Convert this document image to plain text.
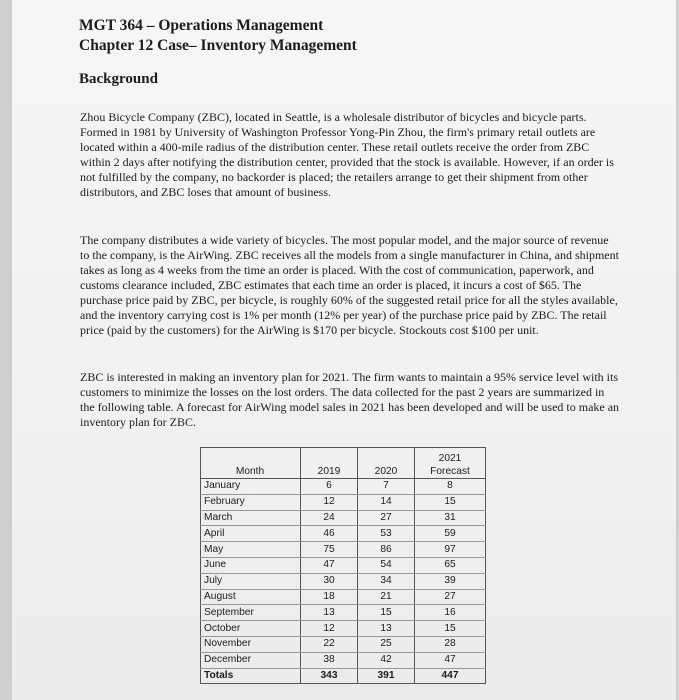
MGT 364 – Operations Management
Chapter 12 Case– Inventory Management
Background

Zhou Bicycle Company (ZBC), located in Seattle, is a wholesale distributor of bicycles and bicycle parts. Formed in 1981 by University of Washington Professor Yong-Pin Zhou, the firm's primary retail outlets are located within a 400-mile radius of the distribution center. These retail outlets receive the order from ZBC within 2 days after notifying the distribution center, provided that the stock is available. However, if an order is not fulfilled by the company, no backorder is placed; the retailers arrange to get their shipment from other distributors, and ZBC loses that amount of business.

The company distributes a wide variety of bicycles. The most popular model, and the major source of revenue to the company, is the AirWing. ZBC receives all the models from a single manufacturer in China, and shipment takes as long as 4 weeks from the time an order is placed. With the cost of communication, paperwork, and customs clearance included, ZBC estimates that each time an order is placed, it incurs a cost of $65. The purchase price paid by ZBC, per bicycle, is roughly 60% of the suggested retail price for all the styles available, and the inventory carrying cost is 1% per month (12% per year) of the purchase price paid by ZBC. The retail price (paid by the customers) for the AirWing is $170 per bicycle. Stockouts cost $100 per unit.

ZBC is interested in making an inventory plan for 2021. The firm wants to maintain a 95% service level with its customers to minimize the losses on the lost orders. The data collected for the past 2 years are summarized in the following table. A forecast for AirWing model sales in 2021 has been developed and will be used to make an inventory plan for ZBC.

Month	2019	2020	2021
Forecast

January	6	7	8
February	12	14	15
March	24	27	31
April	46	53	59
May	75	86	97
June	47	54	65
July	30	34	39
August	18	21	27
September	13	15	16
October	12	13	15
November	22	25	28
December	38	42	47
Totals	343	391	447
